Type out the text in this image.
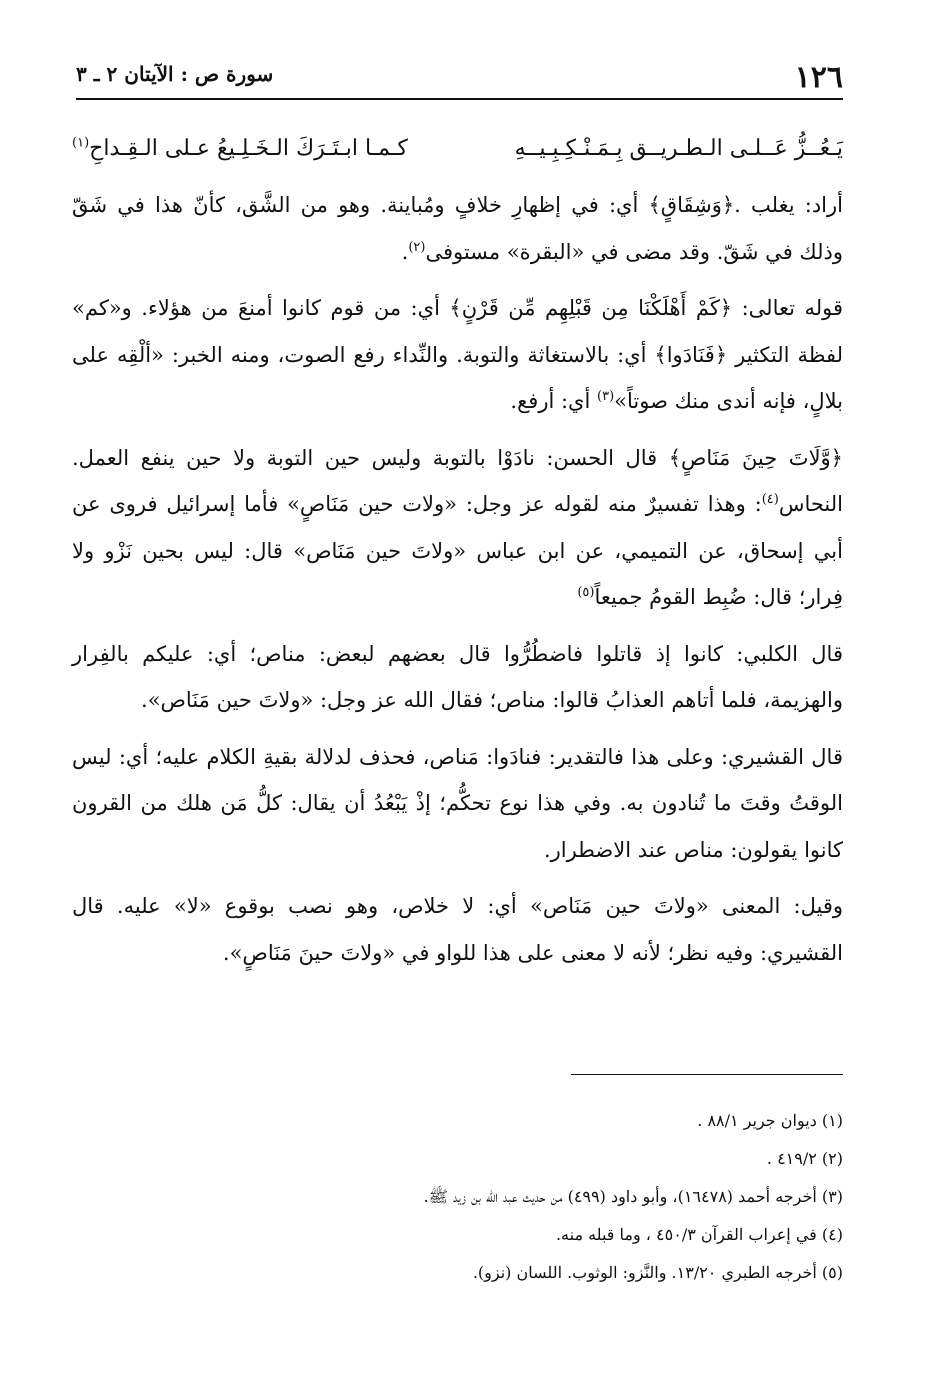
١٢٦
سورة ص : الآيتان ٢ ـ ٣
يَـعُــزُّ عَــلـى الـطـريــق بِـمَـنْـكِـبِـيــهِ
كـمـا ابـتَـرَكَ الـخَـلِـيعُ عـلى الـقِـداحِ$^{(١)}$

أراد: يغلب .﴿وَشِقَاقٍ﴾ أي: في إظهارِ خلافٍ ومُباينة. وهو من الشَّق، كأنّ هذا في شَقّ وذلك في شَقّ. وقد مضى في «البقرة» مستوفى$^{(٢)}$.

قوله تعالى: ﴿كَمْ أَهْلَكْنَا مِن قَبْلِهِم مِّن قَرْنٍ﴾ أي: من قوم كانوا أمنعَ من هؤلاء. و«كم» لفظة التكثير ﴿فَنَادَوا﴾ أي: بالاستغاثة والتوبة. والنِّداء رفع الصوت، ومنه الخبر: «ألْقِه على بلالٍ، فإنه أندى منك صوتاً»$^{(٣)}$ أي: أرفع.

﴿وَّلَاتَ حِينَ مَنَاصٍ﴾ قال الحسن: نادَوْا بالتوبة وليس حين التوبة ولا حين ينفع العمل. النحاس$^{(٤)}$: وهذا تفسيرٌ منه لقوله عز وجل: «ولات حين مَنَاصٍ» فأما إسرائيل فروى عن أبي إسحاق، عن التميمي، عن ابن عباس «ولاتَ حين مَنَاص» قال: ليس بحين نَزْو ولا فِرار؛ قال: ضُبِط القومُ جميعاً$^{(٥)}$

قال الكلبي: كانوا إذ قاتلوا فاضطُرُّوا قال بعضهم لبعض: مناص؛ أي: عليكم بالفِرار والهزيمة، فلما أتاهم العذابُ قالوا: مناص؛ فقال الله عز وجل: «ولاتَ حين مَنَاص».

قال القشيري: وعلى هذا فالتقدير: فنادَوا: مَناص، فحذف لدلالة بقيةِ الكلام عليه؛ أي: ليس الوقتُ وقتَ ما تُنادون به. وفي هذا نوع تحكُّم؛ إذْ يَبْعُدُ أن يقال: كلُّ مَن هلك من القرون كانوا يقولون: مناص عند الاضطرار.

وقيل: المعنى «ولاتَ حين مَنَاص» أي: لا خلاص، وهو نصب بوقوع «لا» عليه. قال القشيري: وفيه نظر؛ لأنه لا معنى على هذا للواو في «ولاتَ حينَ مَنَاصٍ».

(١) ديوان جرير ٨٨/١ .
(٢) ٤١٩/٢ .
(٣) أخرجه أحمد (١٦٤٧٨)، وأبو داود (٤٩٩) من حديث عبد الله بن زيد ﷺ.
(٤) في إعراب القرآن ٤٥٠/٣ ، وما قبله منه.
(٥) أخرجه الطبري ١٣/٢٠. والنَّزو: الوثوب. اللسان (نزو).
